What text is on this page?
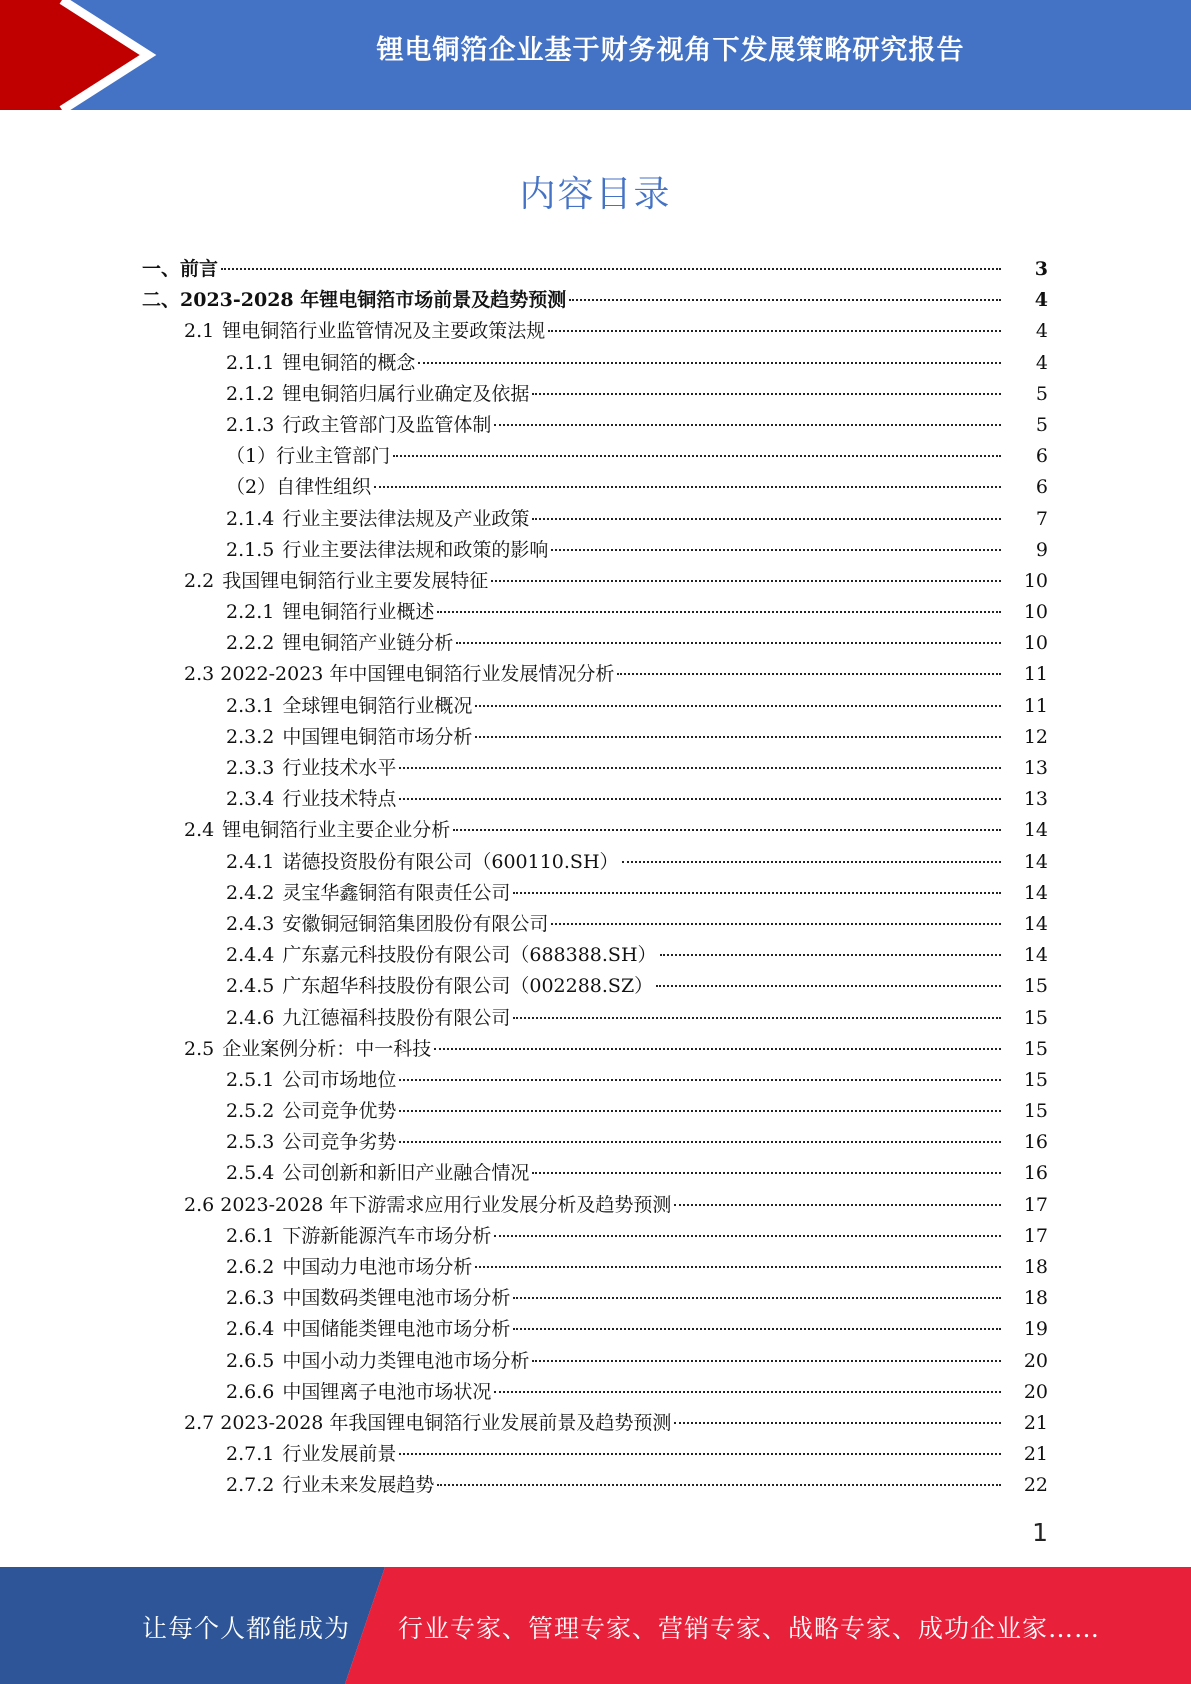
锂电铜箔企业基于财务视角下发展策略研究报告
内容目录
一、前言	3
二、2023-2028 年锂电铜箔市场前景及趋势预测	4
2.1 锂电铜箔行业监管情况及主要政策法规	4
2.1.1 锂电铜箔的概念	4
2.1.2 锂电铜箔归属行业确定及依据	5
2.1.3 行政主管部门及监管体制	5
（1）行业主管部门	6
（2）自律性组织	6
2.1.4 行业主要法律法规及产业政策	7
2.1.5 行业主要法律法规和政策的影响	9
2.2 我国锂电铜箔行业主要发展特征	10
2.2.1 锂电铜箔行业概述	10
2.2.2 锂电铜箔产业链分析	10
2.3 2022-2023 年中国锂电铜箔行业发展情况分析	11
2.3.1 全球锂电铜箔行业概况	11
2.3.2 中国锂电铜箔市场分析	12
2.3.3 行业技术水平	13
2.3.4 行业技术特点	13
2.4 锂电铜箔行业主要企业分析	14
2.4.1 诺德投资股份有限公司（600110.SH）	14
2.4.2 灵宝华鑫铜箔有限责任公司	14
2.4.3 安徽铜冠铜箔集团股份有限公司	14
2.4.4 广东嘉元科技股份有限公司（688388.SH）	14
2.4.5 广东超华科技股份有限公司（002288.SZ）	15
2.4.6 九江德福科技股份有限公司	15
2.5 企业案例分析：中一科技	15
2.5.1 公司市场地位	15
2.5.2 公司竞争优势	15
2.5.3 公司竞争劣势	16
2.5.4 公司创新和新旧产业融合情况	16
2.6 2023-2028 年下游需求应用行业发展分析及趋势预测	17
2.6.1 下游新能源汽车市场分析	17
2.6.2 中国动力电池市场分析	18
2.6.3 中国数码类锂电池市场分析	18
2.6.4 中国储能类锂电池市场分析	19
2.6.5 中国小动力类锂电池市场分析	20
2.6.6 中国锂离子电池市场状况	20
2.7 2023-2028 年我国锂电铜箔行业发展前景及趋势预测	21
2.7.1 行业发展前景	21
2.7.2 行业未来发展趋势	22
1
让每个人都能成为 行业专家、管理专家、营销专家、战略专家、成功企业家……
